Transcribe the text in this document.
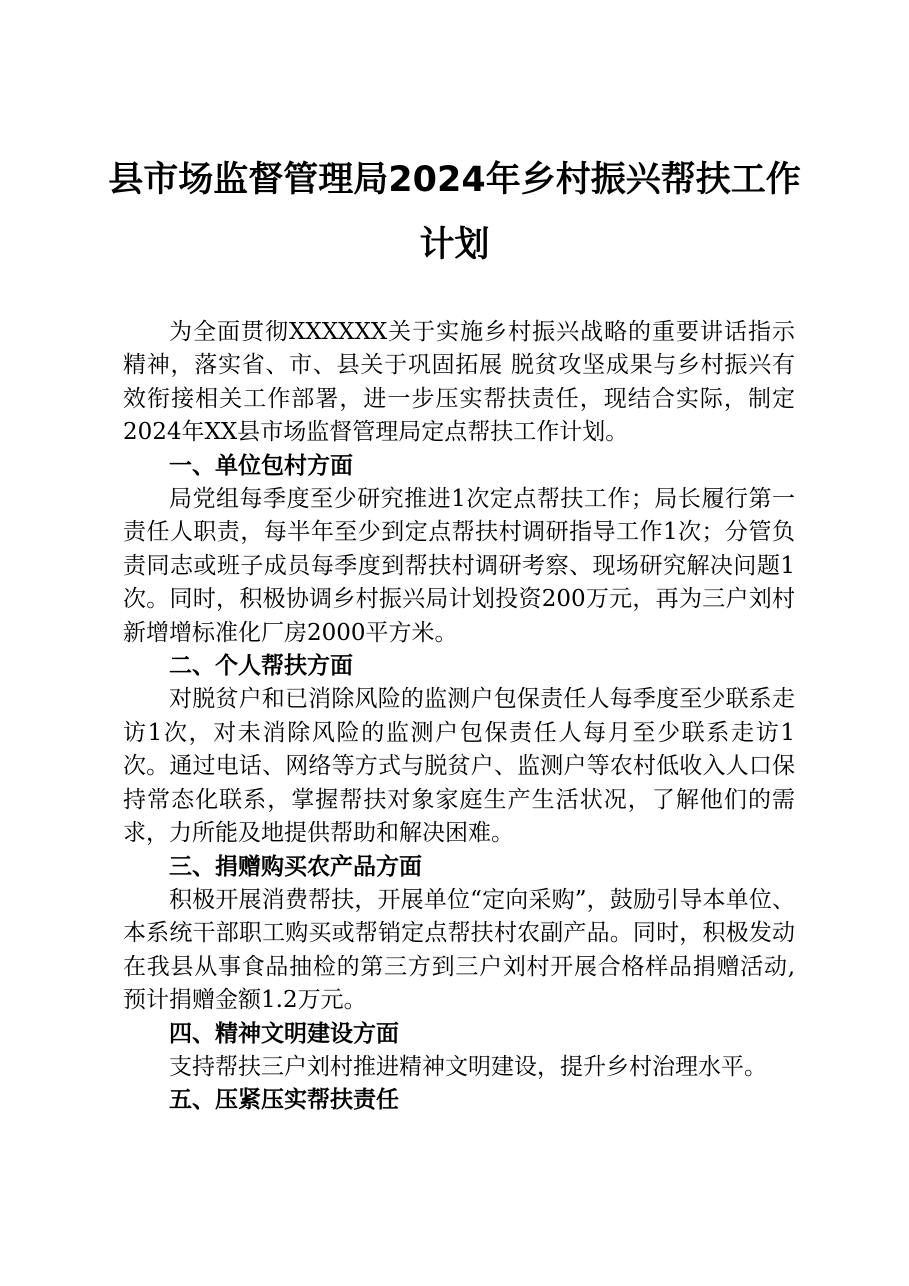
县市场监督管理局2024年乡村振兴帮扶工作计划

为全面贯彻XXXXXX关于实施乡村振兴战略的重要讲话指示精神，落实省、市、县关于巩固拓展 脱贫攻坚成果与乡村振兴有效衔接相关工作部署，进一步压实帮扶责任，现结合实际，制定2024年XX县市场监督管理局定点帮扶工作计划。

一、单位包村方面

局党组每季度至少研究推进1次定点帮扶工作；局长履行第一责任人职责，每半年至少到定点帮扶村调研指导工作1次；分管负责同志或班子成员每季度到帮扶村调研考察、现场研究解决问题1次。同时，积极协调乡村振兴局计划投资200万元，再为三户刘村新增增标准化厂房2000平方米。

二、个人帮扶方面

对脱贫户和已消除风险的监测户包保责任人每季度至少联系走访1次，对未消除风险的监测户包保责任人每月至少联系走访1次。通过电话、网络等方式与脱贫户、监测户等农村低收入人口保持常态化联系，掌握帮扶对象家庭生产生活状况，了解他们的需求，力所能及地提供帮助和解决困难。

三、捐赠购买农产品方面

积极开展消费帮扶，开展单位“定向采购”，鼓励引导本单位、本系统干部职工购买或帮销定点帮扶村农副产品。同时，积极发动在我县从事食品抽检的第三方到三户刘村开展合格样品捐赠活动,预计捐赠金额1.2万元。

四、精神文明建设方面

支持帮扶三户刘村推进精神文明建设，提升乡村治理水平。

五、压紧压实帮扶责任
